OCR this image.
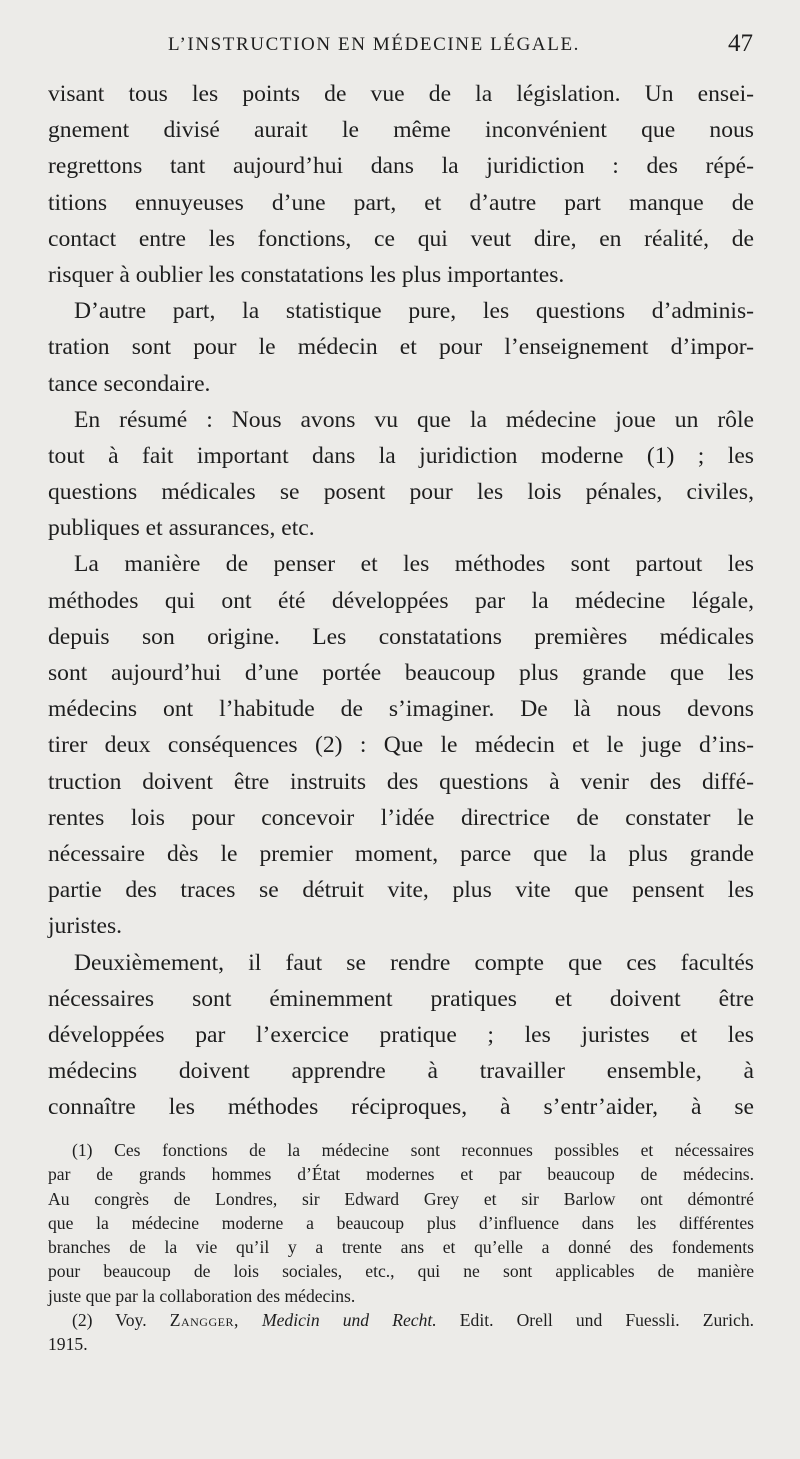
L’INSTRUCTION EN MÉDECINE LÉGALE.	47
visant tous les points de vue de la législation. Un ensei-
gnement divisé aurait le même inconvénient que nous
regrettons tant aujourd’hui dans la juridiction : des répé-
titions ennuyeuses d’une part, et d’autre part manque de
contact entre les fonctions, ce qui veut dire, en réalité, de
risquer à oublier les constatations les plus importantes.
D’autre part, la statistique pure, les questions d’adminis-
tration sont pour le médecin et pour l’enseignement d’impor-
tance secondaire.
En résumé : Nous avons vu que la médecine joue un rôle
tout à fait important dans la juridiction moderne (1) ; les
questions médicales se posent pour les lois pénales, civiles,
publiques et assurances, etc.
La manière de penser et les méthodes sont partout les
méthodes qui ont été développées par la médecine légale,
depuis son origine. Les constatations premières médicales
sont aujourd’hui d’une portée beaucoup plus grande que les
médecins ont l’habitude de s’imaginer. De là nous devons
tirer deux conséquences (2) : Que le médecin et le juge d’ins-
truction doivent être instruits des questions à venir des diffé-
rentes lois pour concevoir l’idée directrice de constater le
nécessaire dès le premier moment, parce que la plus grande
partie des traces se détruit vite, plus vite que pensent les
juristes.
Deuxièmement, il faut se rendre compte que ces facultés
nécessaires sont éminemment pratiques et doivent être
développées par l’exercice pratique ; les juristes et les
médecins doivent apprendre à travailler ensemble, à
connaître les méthodes réciproques, à s’entr’aider, à se
(1) Ces fonctions de la médecine sont reconnues possibles et nécessaires
par de grands hommes d’État modernes et par beaucoup de médecins.
Au congrès de Londres, sir Edward Grey et sir Barlow ont démontré
que la médecine moderne a beaucoup plus d’influence dans les différentes
branches de la vie qu’il y a trente ans et qu’elle a donné des fondements
pour beaucoup de lois sociales, etc., qui ne sont applicables de manière
juste que par la collaboration des médecins.
(2) Voy. Zangger, Medicin und Recht. Edit. Orell und Fuessli. Zurich.
1915.
